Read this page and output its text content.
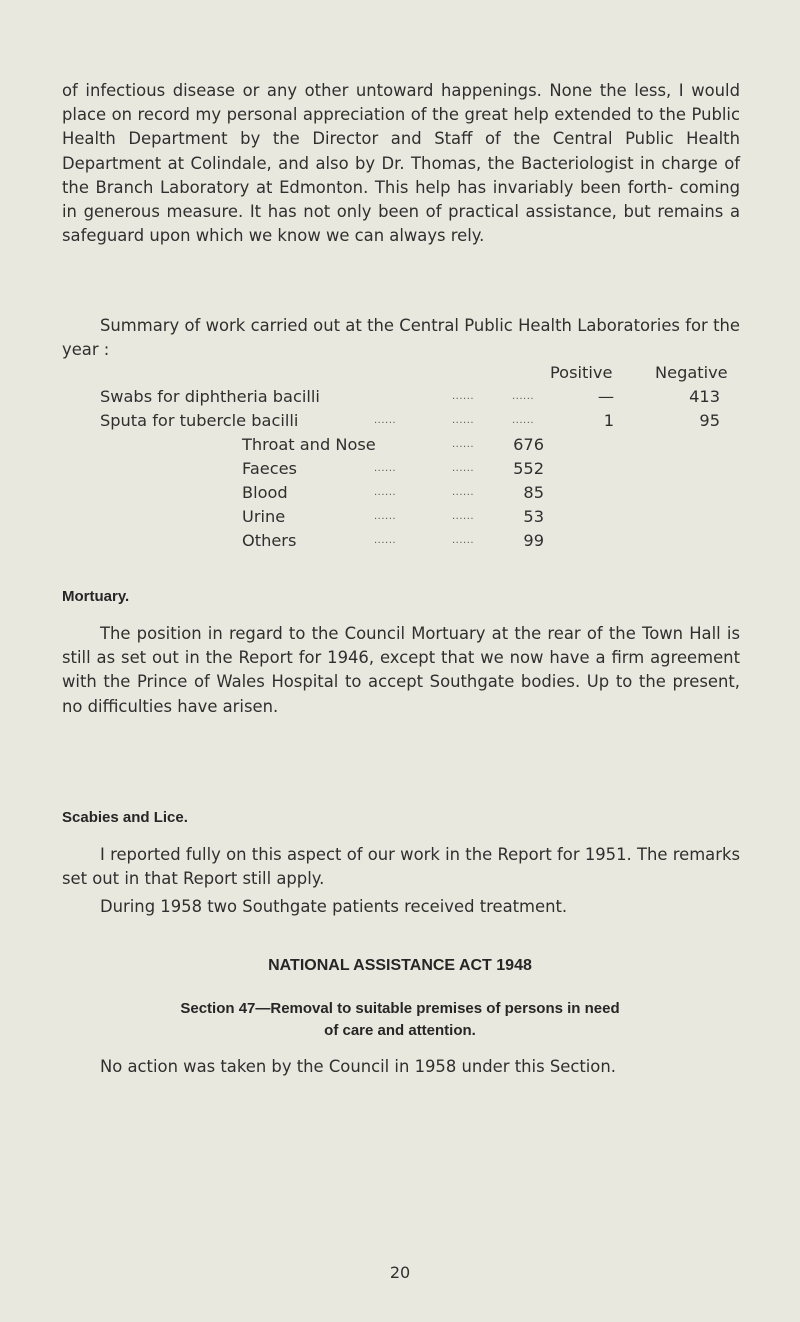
of infectious disease or any other untoward happenings. None the less, I would place on record my personal appreciation of the great help extended to the Public Health Department by the Director and Staff of the Central Public Health Department at Colindale, and also by Dr. Thomas, the Bacteriologist in charge of the Branch Laboratory at Edmonton. This help has invariably been forth- coming in generous measure. It has not only been of practical assistance, but remains a safeguard upon which we know we can always rely.

Summary of work carried out at the Central Public Health Laboratories for the year :

Positive	Negative
Swabs for diphtheria bacilli	......	......	—	413
Sputa for tubercle bacilli	......	......	......	1	95
Throat and Nose	......	676
Faeces	......	......	552
Blood	......	......	85
Urine	......	......	53
Others	......	......	99
Mortuary.

The position in regard to the Council Mortuary at the rear of the Town Hall is still as set out in the Report for 1946, except that we now have a firm agreement with the Prince of Wales Hospital to accept Southgate bodies. Up to the present, no difficulties have arisen.

Scabies and Lice.

I reported fully on this aspect of our work in the Report for 1951. The remarks set out in that Report still apply.

During 1958 two Southgate patients received treatment.

NATIONAL ASSISTANCE ACT 1948
Section 47—Removal to suitable premises of persons in need
of care and attention.

No action was taken by the Council in 1958 under this Section.

20
